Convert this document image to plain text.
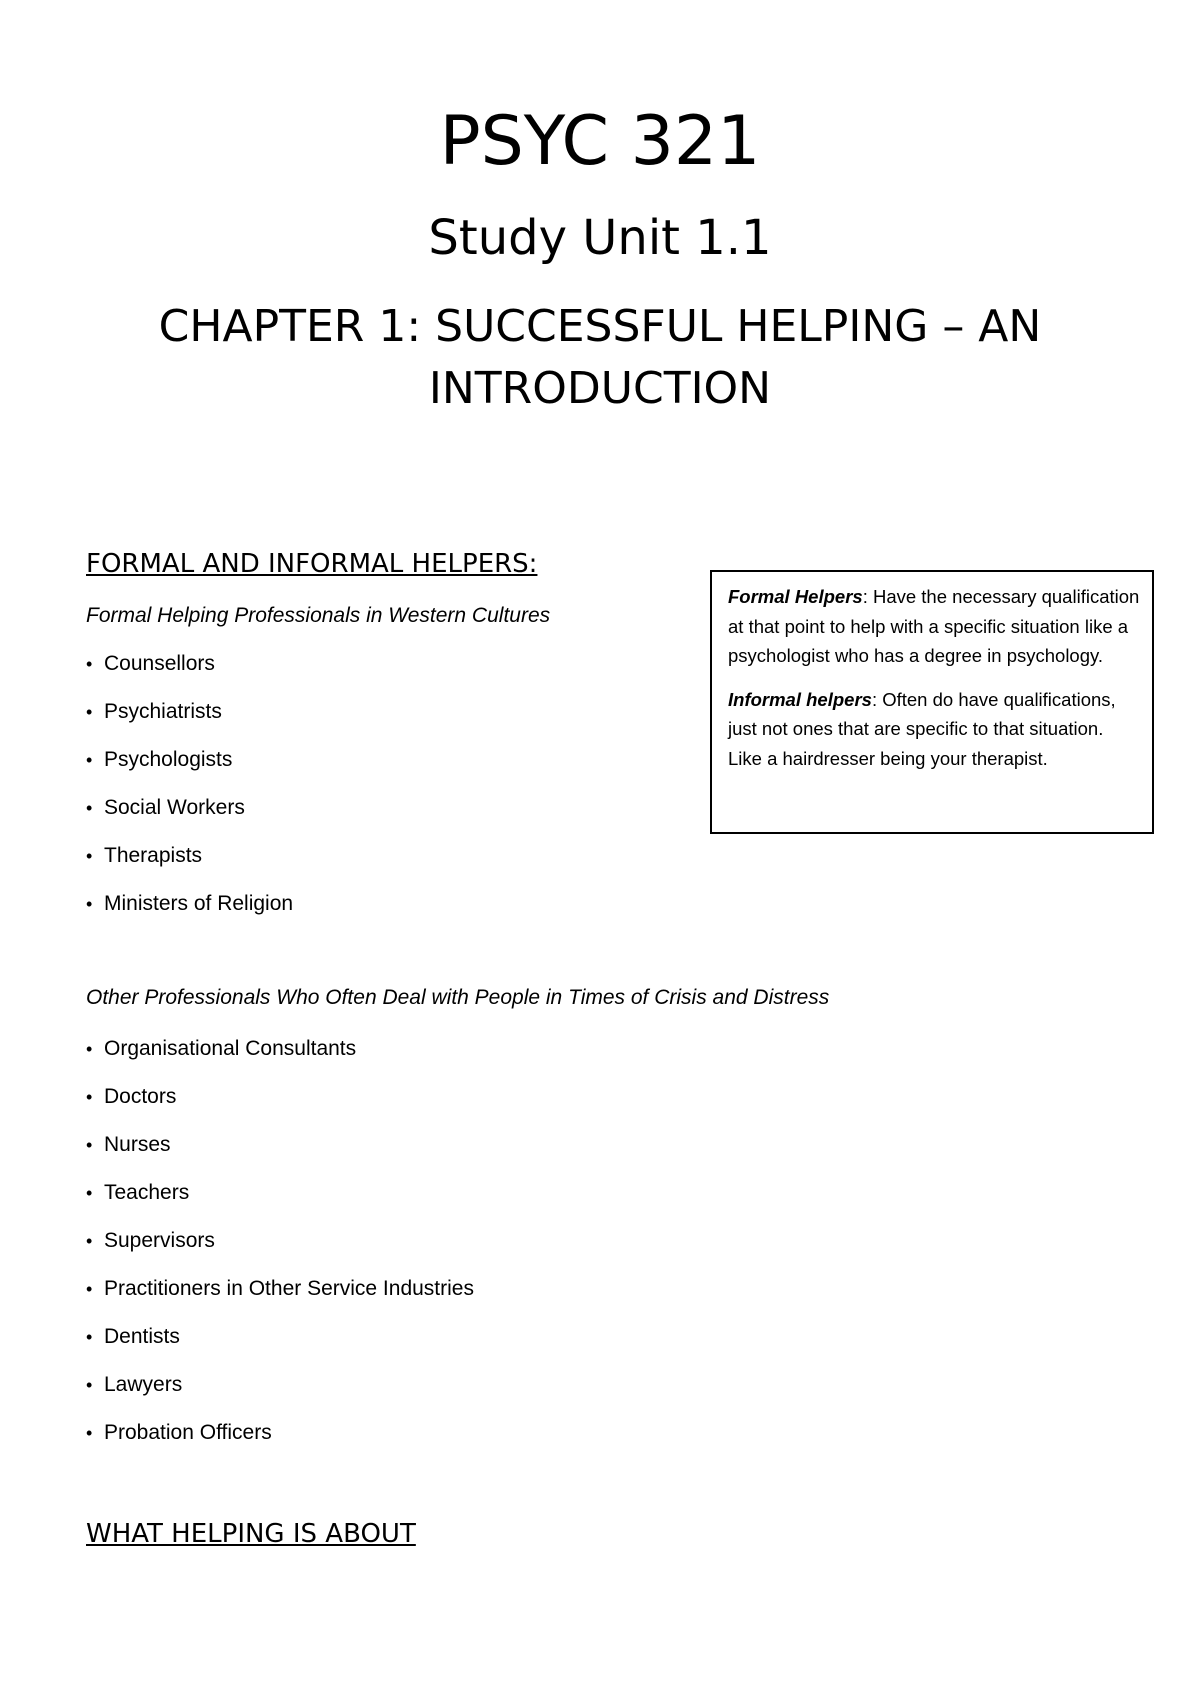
PSYC 321
Study Unit 1.1
CHAPTER 1: SUCCESSFUL HELPING – AN INTRODUCTION
FORMAL AND INFORMAL HELPERS:

Formal Helping Professionals in Western Cultures

• Counsellors
• Psychiatrists
• Psychologists
• Social Workers
• Therapists
• Ministers of Religion

Formal Helpers: Have the necessary qualification at that point to help with a specific situation like a psychologist who has a degree in psychology.

Informal helpers: Often do have qualifications, just not ones that are specific to that situation. Like a hairdresser being your therapist.

Other Professionals Who Often Deal with People in Times of Crisis and Distress

• Organisational Consultants
• Doctors
• Nurses
• Teachers
• Supervisors
• Practitioners in Other Service Industries
• Dentists
• Lawyers
• Probation Officers
WHAT HELPING IS ABOUT
